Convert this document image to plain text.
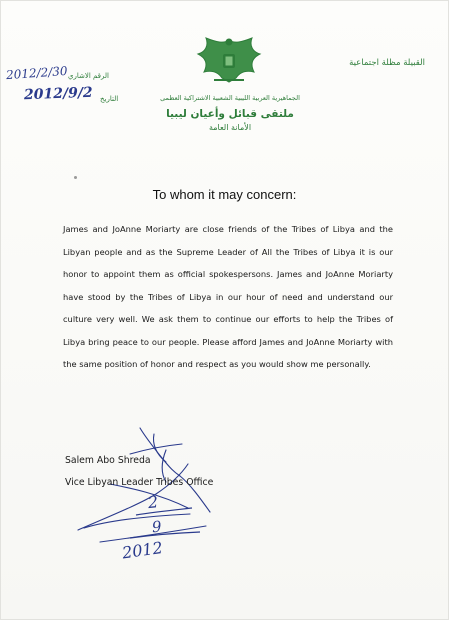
القبيلة مظلة اجتماعية
2012/2/30 الرقم الاشاري
2012/9/2 التاريخ	الجماهيرية العربية الليبية الشعبية الاشتراكية العظمى
ملتقى قبائل وأعيان ليبيا
الأمانة العامة
To whom it may concern:

James and JoAnne Moriarty are close friends of the Tribes of Libya and the Libyan people and as the Supreme Leader of All the Tribes of Libya it is our honor to appoint them as official spokespersons. James and JoAnne Moriarty have stood by the Tribes of Libya in our hour of need and understand our culture very well. We ask them to continue our efforts to help the Tribes of Libya bring peace to our people. Please afford James and JoAnne Moriarty with the same position of honor and respect as you would show me personally.

Salem Abo Shreda
Vice Libyan Leader Tribes Office
2
9
2012
